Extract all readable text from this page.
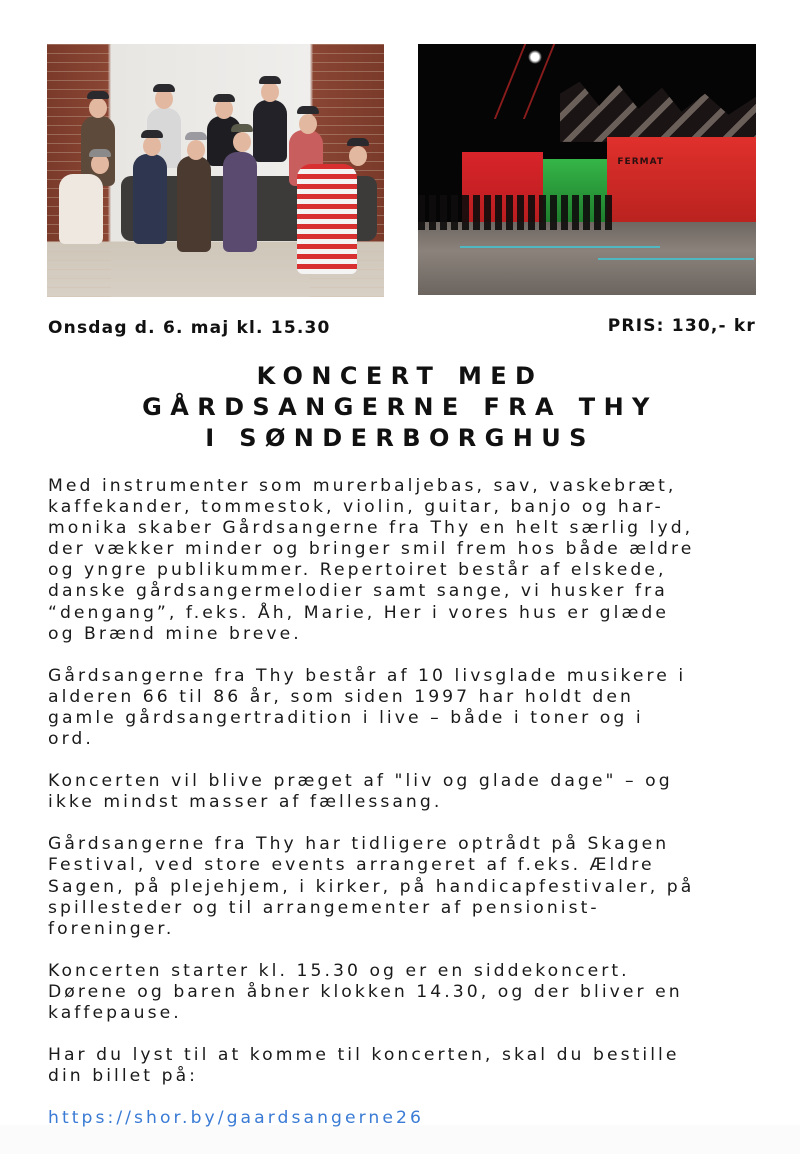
FERMAT
Onsdag d. 6. maj kl. 15.30	PRIS: 130,- kr
KONCERT MED
GÅRDSANGERNE FRA THY
I SØNDERBORGHUS

Med instrumenter som murerbaljebas, sav, vaskebræt,
kaffekander, tommestok, violin, guitar, banjo og har-
monika skaber Gårdsangerne fra Thy en helt særlig lyd,
der vækker minder og bringer smil frem hos både ældre
og yngre publikummer. Repertoiret består af elskede,
danske gårdsangermelodier samt sange, vi husker fra
“dengang”, f.eks. Åh, Marie, Her i vores hus er glæde
og Brænd mine breve.

Gårdsangerne fra Thy består af 10 livsglade musikere i
alderen 66 til 86 år, som siden 1997 har holdt den
gamle gårdsangertradition i live – både i toner og i
ord.

Koncerten vil blive præget af "liv og glade dage" – og
ikke mindst masser af fællessang.

Gårdsangerne fra Thy har tidligere optrådt på Skagen
Festival, ved store events arrangeret af f.eks. Ældre
Sagen, på plejehjem, i kirker, på handicapfestivaler, på
spillesteder og til arrangementer af pensionist-
foreninger.

Koncerten starter kl. 15.30 og er en siddekoncert.
Dørene og baren åbner klokken 14.30, og der bliver en
kaffepause.

Har du lyst til at komme til koncerten, skal du bestille
din billet på:

https://shor.by/gaardsangerne26
